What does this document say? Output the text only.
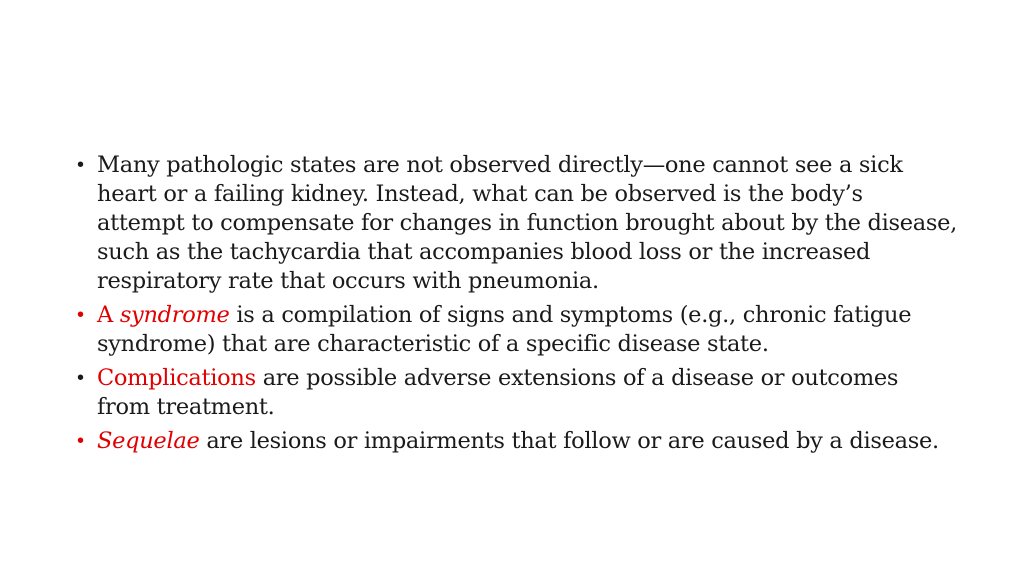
• Many pathologic states are not observed directly—one cannot see a sick heart or a failing kidney. Instead, what can be observed is the body’s attempt to compensate for changes in function brought about by the disease, such as the tachycardia that accompanies blood loss or the increased respiratory rate that occurs with pneumonia.
• A syndrome is a compilation of signs and symptoms (e.g., chronic fatigue syndrome) that are characteristic of a specific disease state.
• Complications are possible adverse extensions of a disease or outcomes from treatment.
• Sequelae are lesions or impairments that follow or are caused by a disease.
